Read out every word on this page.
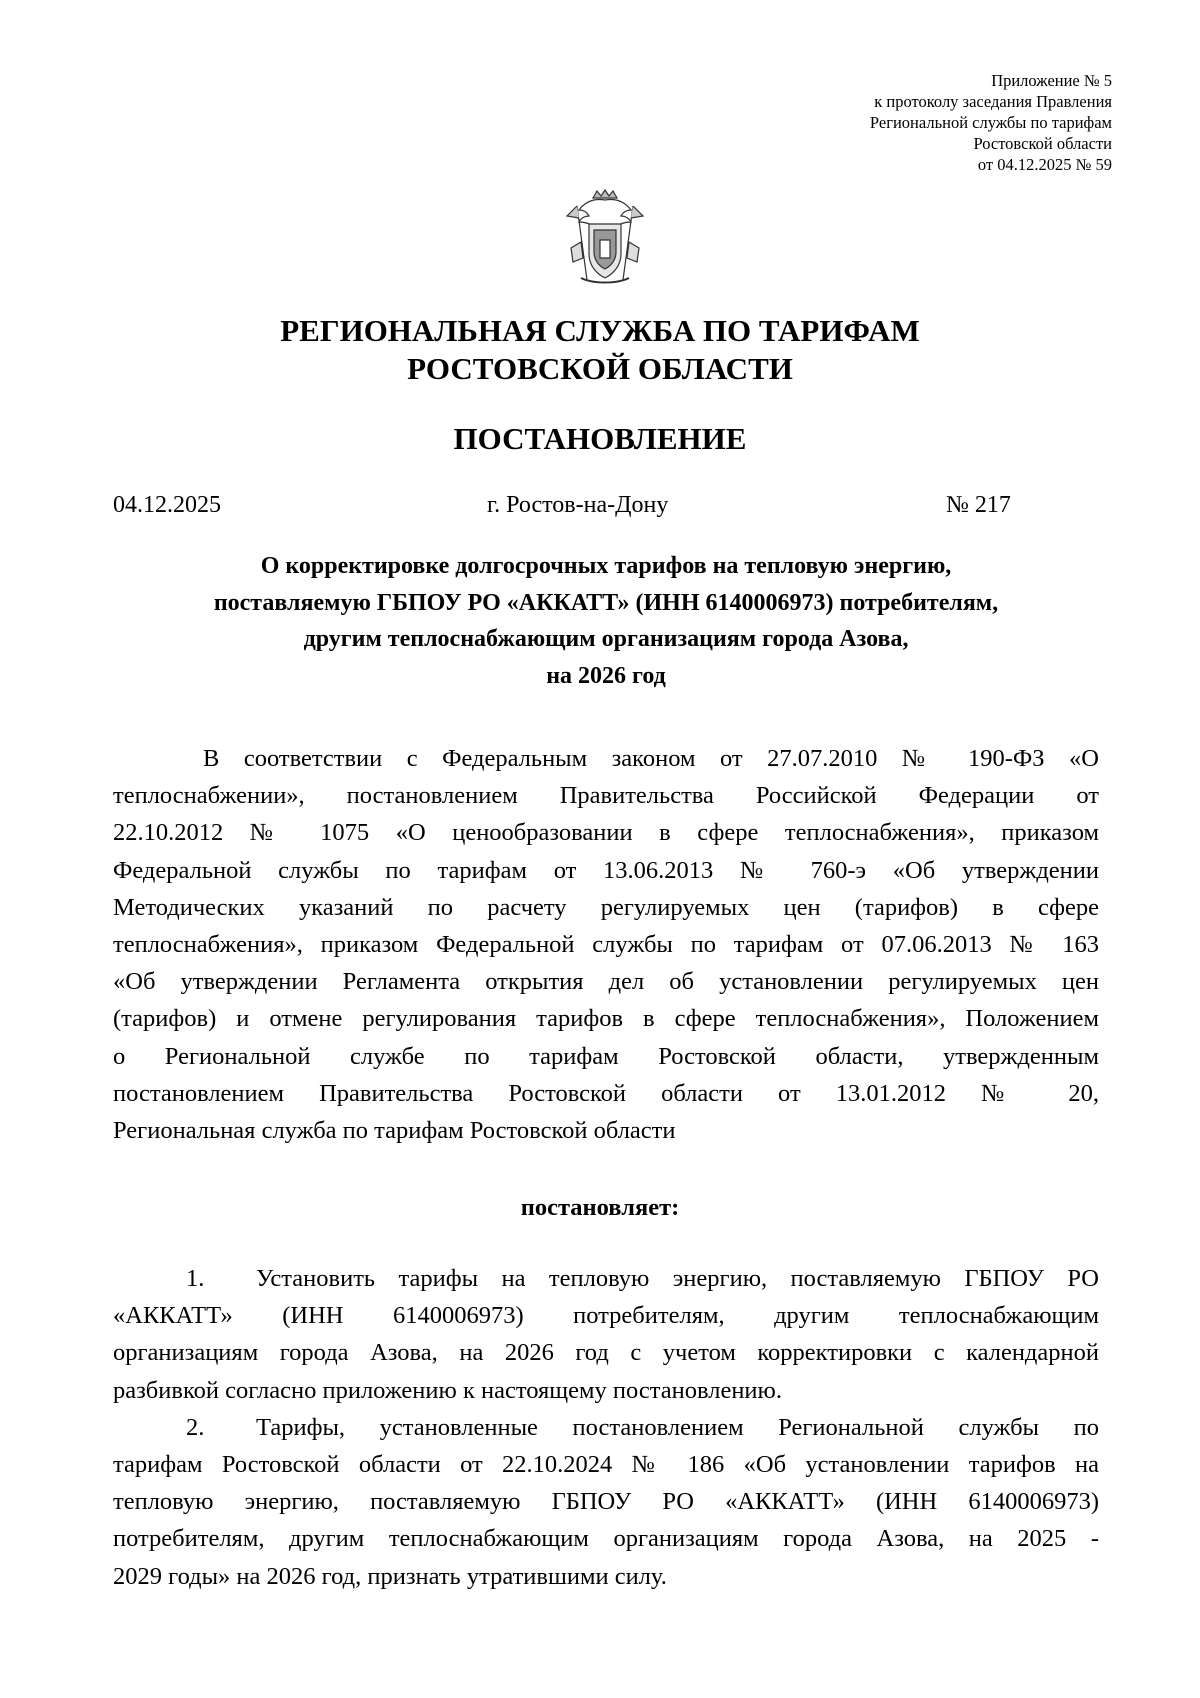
Приложение № 5
к протоколу заседания Правления
Региональной службы по тарифам
Ростовской области
от 04.12.2025 № 59
РЕГИОНАЛЬНАЯ СЛУЖБА ПО ТАРИФАМ
РОСТОВСКОЙ ОБЛАСТИ
ПОСТАНОВЛЕНИЕ
04.12.2025	г. Ростов-на-Дону	№ 217
О корректировке долгосрочных тарифов на тепловую энергию,
поставляемую ГБПОУ РО «АККАТТ» (ИНН 6140006973) потребителям,
другим теплоснабжающим организациям города Азова,
на 2026 год
В соответствии с Федеральным законом от 27.07.2010 № 190-ФЗ «О
теплоснабжении», постановлением Правительства Российской Федерации от
22.10.2012 № 1075 «О ценообразовании в сфере теплоснабжения», приказом
Федеральной службы по тарифам от 13.06.2013 № 760-э «Об утверждении
Методических указаний по расчету регулируемых цен (тарифов) в сфере
теплоснабжения», приказом Федеральной службы по тарифам от 07.06.2013 № 163
«Об утверждении Регламента открытия дел об установлении регулируемых цен
(тарифов) и отмене регулирования тарифов в сфере теплоснабжения», Положением
о Региональной службе по тарифам Ростовской области, утвержденным
постановлением Правительства Ростовской области от 13.01.2012 № 20,
Региональная служба по тарифам Ростовской области
постановляет:
1.	Установить тарифы на тепловую энергию, поставляемую ГБПОУ РО
«АККАТТ» (ИНН 6140006973) потребителям, другим теплоснабжающим
организациям города Азова, на 2026 год с учетом корректировки с календарной
разбивкой согласно приложению к настоящему постановлению.
2.	Тарифы, установленные постановлением Региональной службы по
тарифам Ростовской области от 22.10.2024 № 186 «Об установлении тарифов на
тепловую энергию, поставляемую ГБПОУ РО «АККАТТ» (ИНН 6140006973)
потребителям, другим теплоснабжающим организациям города Азова, на 2025 -
2029 годы» на 2026 год, признать утратившими силу.
